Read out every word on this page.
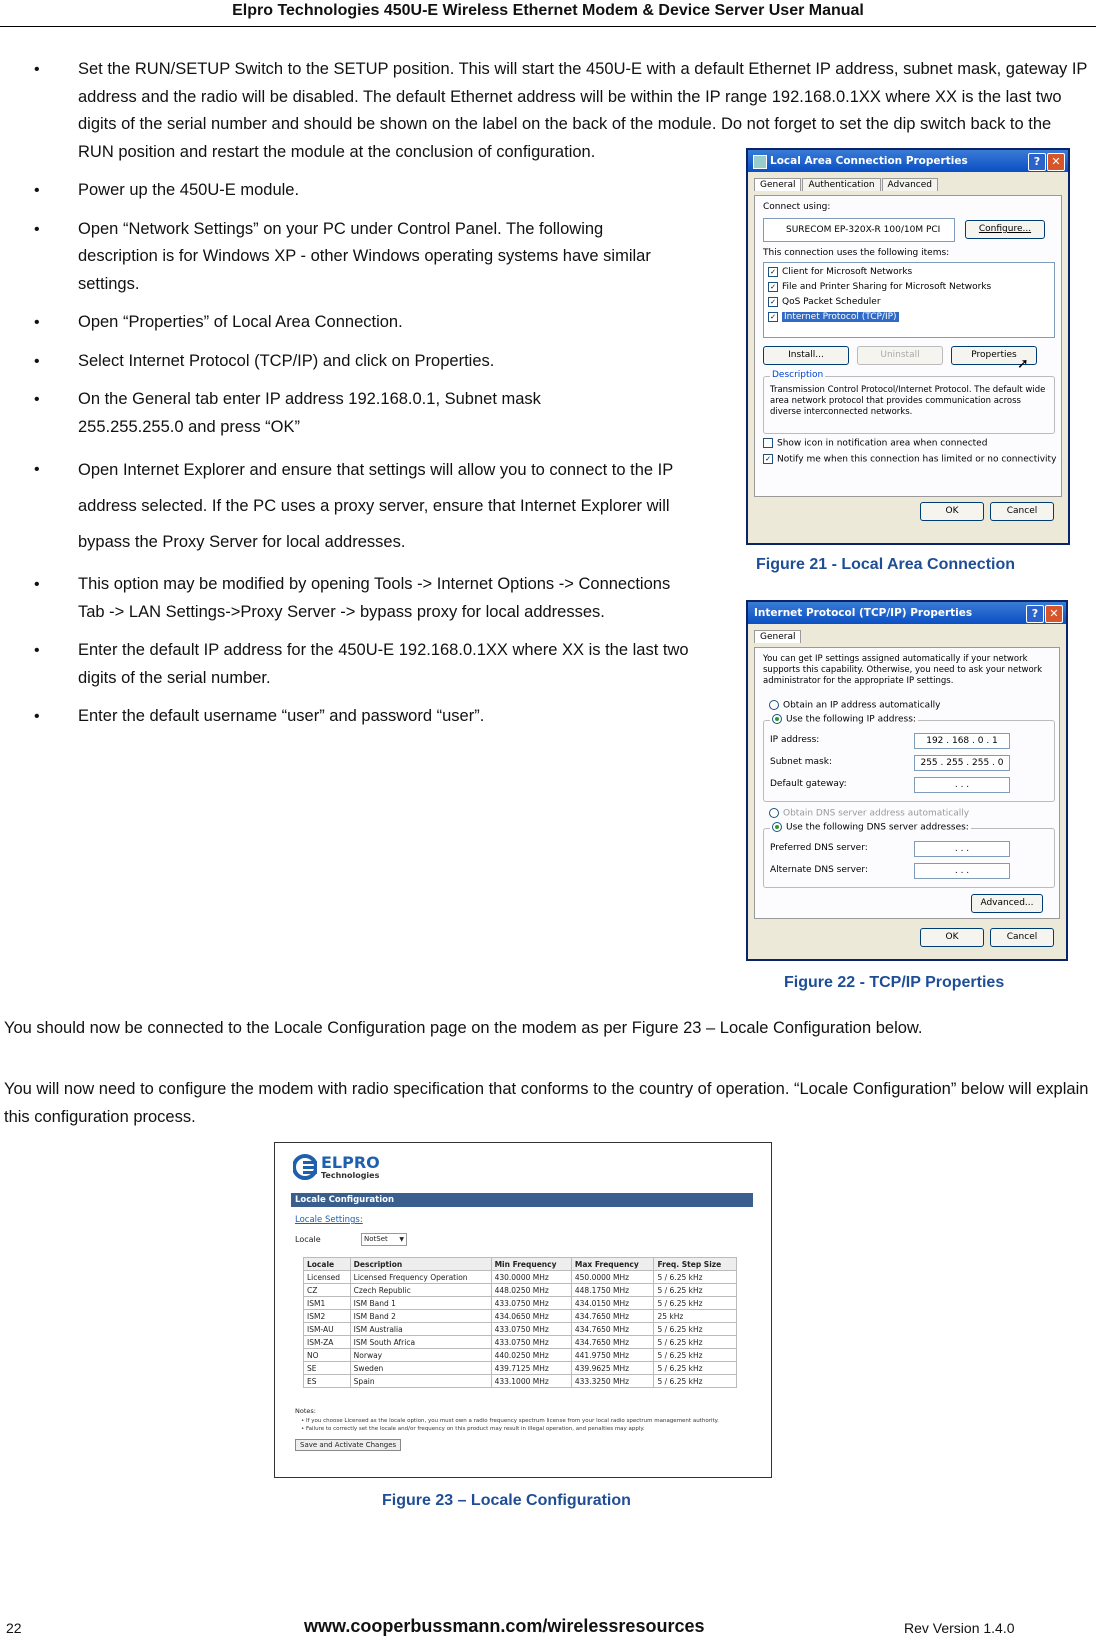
Elpro Technologies 450U-E Wireless Ethernet Modem & Device Server User Manual
• Set the RUN/SETUP Switch to the SETUP position. This will start the 450U-E with a default Ethernet IP address, subnet mask, gateway IP address and the radio will be disabled. The default Ethernet address will be within the IP range 192.168.0.1XX where XX is the last two digits of the serial number and should be shown on the label on the back of the module. Do not forget to set the dip switch back to the RUN position and restart the module at the conclusion of configuration.
• Power up the 450U-E module.
• Open “Network Settings” on your PC under Control Panel. The following description is for Windows XP - other Windows operating systems have similar settings.
• Open “Properties” of Local Area Connection.
• Select Internet Protocol (TCP/IP) and click on Properties.
• On the General tab enter IP address 192.168.0.1, Subnet mask 255.255.255.0 and press “OK”
• Open Internet Explorer and ensure that settings will allow you to connect to the IP address selected. If the PC uses a proxy server, ensure that Internet Explorer will bypass the Proxy Server for local addresses.
• This option may be modified by opening Tools -> Internet Options -> Connections Tab -> LAN Settings->Proxy Server -> bypass proxy for local addresses.
• Enter the default IP address for the 450U-E 192.168.0.1XX where XX is the last two digits of the serial number.
• Enter the default username “user” and password “user”.
Local Area Connection Properties	?	✕
General Authentication Advanced
Connect using:
SURECOM EP-320X-R 100/10M PCI	Configure...
This connection uses the following items:
✓ Client for Microsoft Networks
✓ File and Printer Sharing for Microsoft Networks
✓ QoS Packet Scheduler
✓ Internet Protocol (TCP/IP)
Install...	Uninstall	Properties
➚
Description
Transmission Control Protocol/Internet Protocol. The default wide area network protocol that provides communication across diverse interconnected networks.
Show icon in notification area when connected
✓ Notify me when this connection has limited or no connectivity
OK	Cancel
Figure 21 - Local Area Connection
Internet Protocol (TCP/IP) Properties	?	✕
General
You can get IP settings assigned automatically if your network supports this capability. Otherwise, you need to ask your network administrator for the appropriate IP settings.
Obtain an IP address automatically
Use the following IP address:
IP address:	192 . 168 . 0 . 1
Subnet mask:	255 . 255 . 255 . 0
Default gateway:	. . .
Obtain DNS server address automatically
Use the following DNS server addresses:
Preferred DNS server:	. . .
Alternate DNS server:	. . .
Advanced...
OK	Cancel
Figure 22 - TCP/IP Properties
You should now be connected to the Locale Configuration page on the modem as per Figure 23 – Locale Configuration below.
You will now need to configure the modem with radio specification that conforms to the country of operation. “Locale Configuration” below will explain this configuration process.
ELPRO
Technologies
Locale Configuration
Locale Settings:
Locale	NotSet ▼
Locale	Description	Min Frequency	Max Frequency	Freq. Step Size
Licensed	Licensed Frequency Operation	430.0000 MHz	450.0000 MHz	5 / 6.25 kHz
CZ	Czech Republic	448.0250 MHz	448.1750 MHz	5 / 6.25 kHz
ISM1	ISM Band 1	433.0750 MHz	434.0150 MHz	5 / 6.25 kHz
ISM2	ISM Band 2	434.0650 MHz	434.7650 MHz	25 kHz
ISM-AU	ISM Australia	433.0750 MHz	434.7650 MHz	5 / 6.25 kHz
ISM-ZA	ISM South Africa	433.0750 MHz	434.7650 MHz	5 / 6.25 kHz
NO	Norway	440.0250 MHz	441.9750 MHz	5 / 6.25 kHz
SE	Sweden	439.7125 MHz	439.9625 MHz	5 / 6.25 kHz
ES	Spain	433.1000 MHz	433.3250 MHz	5 / 6.25 kHz
Notes:
• If you choose Licensed as the locale option, you must own a radio frequency spectrum license from your local radio spectrum management authority.
• Failure to correctly set the locale and/or frequency on this product may result in illegal operation, and penalties may apply.
Save and Activate Changes
Figure 23 – Locale Configuration
22	www.cooperbussmann.com/wirelessresources	Rev Version 1.4.0
